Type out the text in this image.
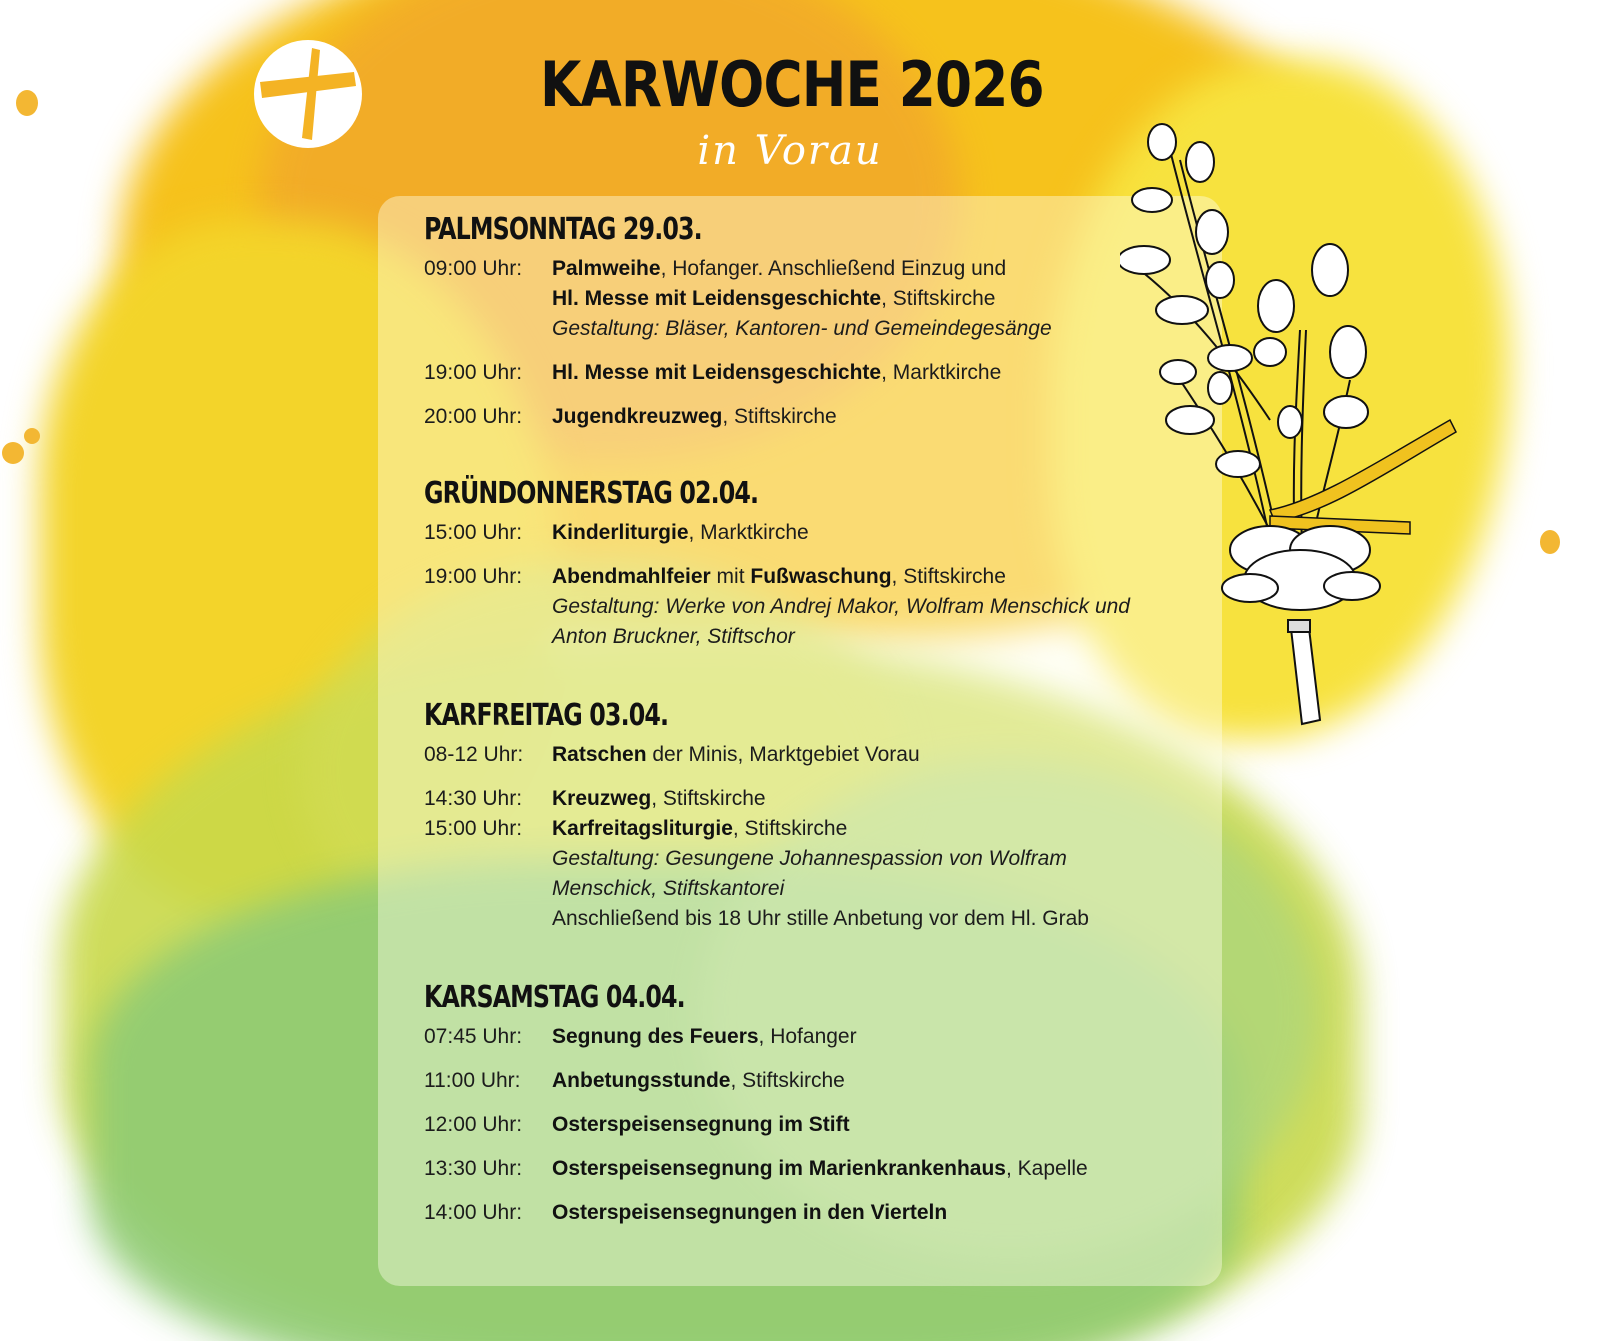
KARWOCHE 2026
in Vorau
PALMSONNTAG 29.03.
09:00 Uhr:	Palmweihe, Hofanger. Anschließend Einzug und
Hl. Messe mit Leidensgeschichte, Stiftskirche
Gestaltung: Bläser, Kantoren- und Gemeindegesänge
19:00 Uhr:	Hl. Messe mit Leidensgeschichte, Marktkirche
20:00 Uhr:	Jugendkreuzweg, Stiftskirche
GRÜNDONNERSTAG 02.04.
15:00 Uhr:	Kinderliturgie, Marktkirche
19:00 Uhr:	Abendmahlfeier mit Fußwaschung, Stiftskirche
Gestaltung: Werke von Andrej Makor, Wolfram Menschick und Anton Bruckner, Stiftschor
KARFREITAG 03.04.
08-12 Uhr:	Ratschen der Minis, Marktgebiet Vorau
14:30 Uhr:	Kreuzweg, Stiftskirche
15:00 Uhr:	Karfreitagsliturgie, Stiftskirche
Gestaltung: Gesungene Johannespassion von Wolfram Menschick, Stiftskantorei
Anschließend bis 18 Uhr stille Anbetung vor dem Hl. Grab
KARSAMSTAG 04.04.
07:45 Uhr:	Segnung des Feuers, Hofanger
11:00 Uhr:	Anbetungsstunde, Stiftskirche
12:00 Uhr:	Osterspeisensegnung im Stift
13:30 Uhr:	Osterspeisensegnung im Marienkrankenhaus, Kapelle
14:00 Uhr:	Osterspeisensegnungen in den Vierteln
